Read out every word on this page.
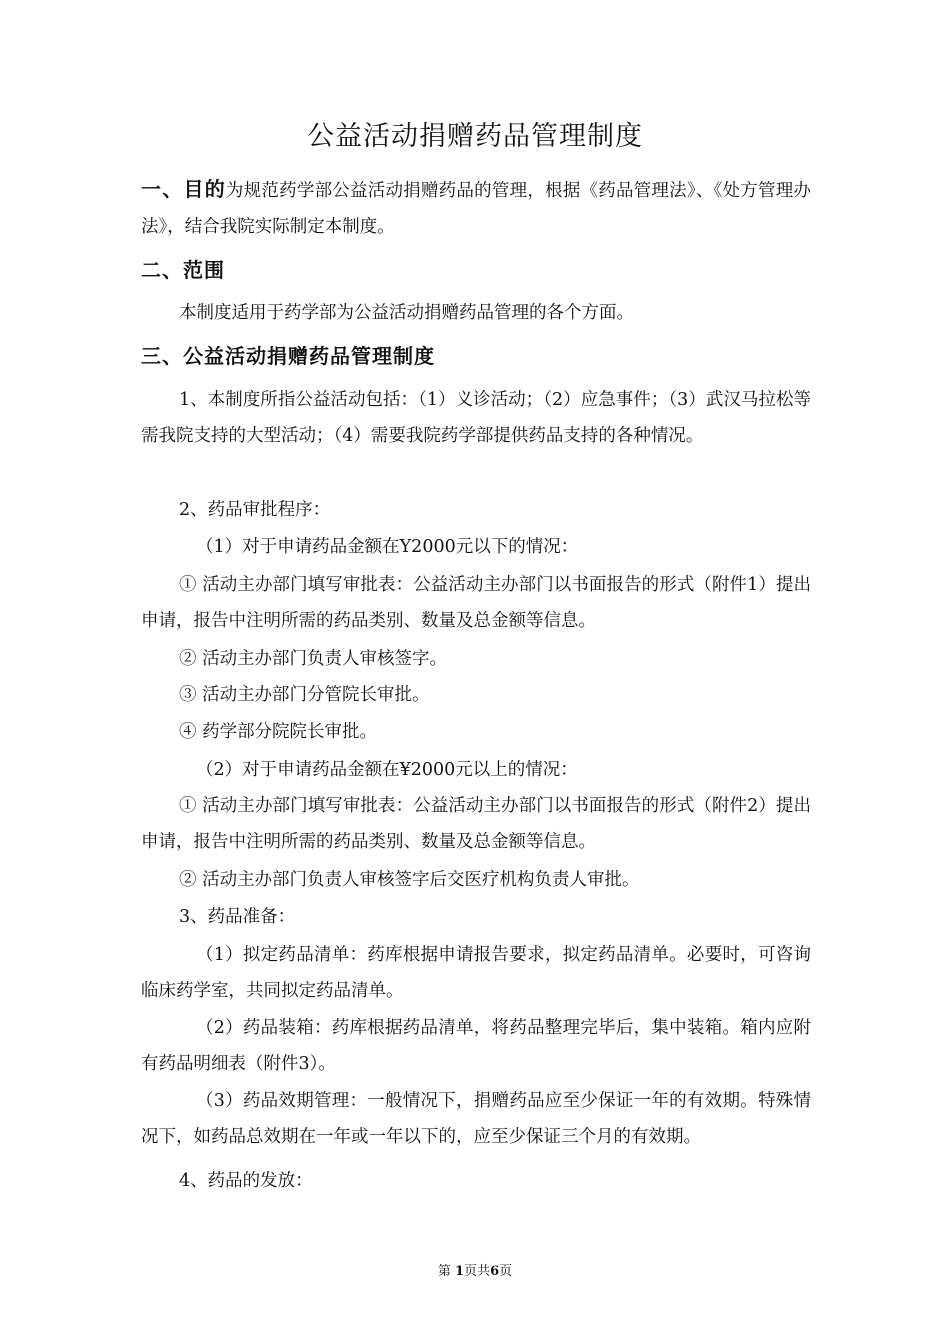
公益活动捐赠药品管理制度
一、目的为规范药学部公益活动捐赠药品的管理，根据《药品管理法》、《处方管理办法》，结合我院实际制定本制度。
二、范围
本制度适用于药学部为公益活动捐赠药品管理的各个方面。
三、公益活动捐赠药品管理制度
1、本制度所指公益活动包括：（1）义诊活动；（2）应急事件；（3）武汉马拉松等需我院支持的大型活动；（4）需要我院药学部提供药品支持的各种情况。
2、药品审批程序：
（1）对于申请药品金额在Y2000元以下的情况：
① 活动主办部门填写审批表：公益活动主办部门以书面报告的形式（附件1）提出申请，报告中注明所需的药品类别、数量及总金额等信息。
② 活动主办部门负责人审核签字。
③ 活动主办部门分管院长审批。
④ 药学部分院院长审批。
（2）对于申请药品金额在¥2000元以上的情况：
① 活动主办部门填写审批表：公益活动主办部门以书面报告的形式（附件2）提出申请，报告中注明所需的药品类别、数量及总金额等信息。
② 活动主办部门负责人审核签字后交医疗机构负责人审批。
3、药品准备：
（1）拟定药品清单：药库根据申请报告要求，拟定药品清单。必要时，可咨询临床药学室，共同拟定药品清单。
（2）药品装箱：药库根据药品清单，将药品整理完毕后，集中装箱。箱内应附有药品明细表（附件3）。
（3）药品效期管理：一般情况下，捐赠药品应至少保证一年的有效期。特殊情况下，如药品总效期在一年或一年以下的，应至少保证三个月的有效期。
4、药品的发放：
第 1页共6页
